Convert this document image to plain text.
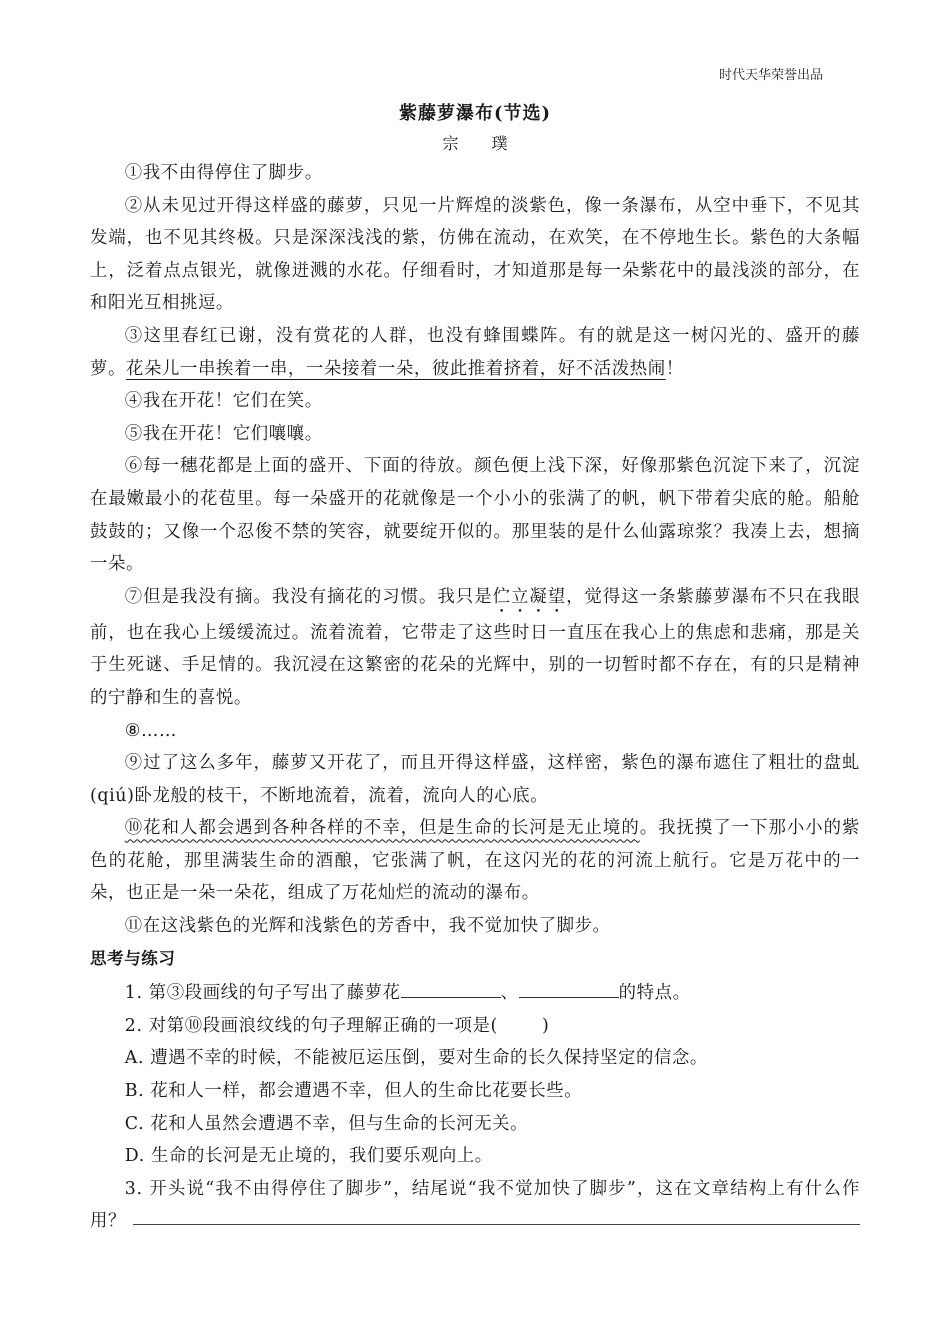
时代天华荣誉出品
紫藤萝瀑布(节选)
宗 璞

①我不由得停住了脚步。

②从未见过开得这样盛的藤萝，只见一片辉煌的淡紫色，像一条瀑布，从空中垂下，不见其发端，也不见其终极。只是深深浅浅的紫，仿佛在流动，在欢笑，在不停地生长。紫色的大条幅上，泛着点点银光，就像迸溅的水花。仔细看时，才知道那是每一朵紫花中的最浅淡的部分，在和阳光互相挑逗。

③这里春红已谢，没有赏花的人群，也没有蜂围蝶阵。有的就是这一树闪光的、盛开的藤萝。花朵儿一串挨着一串，一朵接着一朵，彼此推着挤着，好不活泼热闹！

④我在开花！它们在笑。

⑤我在开花！它们嚷嚷。

⑥每一穗花都是上面的盛开、下面的待放。颜色便上浅下深，好像那紫色沉淀下来了，沉淀在最嫩最小的花苞里。每一朵盛开的花就像是一个小小的张满了的帆，帆下带着尖底的舱。船舱鼓鼓的；又像一个忍俊不禁的笑容，就要绽开似的。那里装的是什么仙露琼浆？我凑上去，想摘一朵。

⑦但是我没有摘。我没有摘花的习惯。我只是伫立凝望，觉得这一条紫藤萝瀑布不只在我眼前，也在我心上缓缓流过。流着流着，它带走了这些时日一直压在我心上的焦虑和悲痛，那是关于生死谜、手足情的。我沉浸在这繁密的花朵的光辉中，别的一切暂时都不存在，有的只是精神的宁静和生的喜悦。

⑧……

⑨过了这么多年，藤萝又开花了，而且开得这样盛，这样密，紫色的瀑布遮住了粗壮的盘虬(qiú)卧龙般的枝干，不断地流着，流着，流向人的心底。

⑩花和人都会遇到各种各样的不幸，但是生命的长河是无止境的。我抚摸了一下那小小的紫色的花舱，那里满装生命的酒酿，它张满了帆，在这闪光的花的河流上航行。它是万花中的一朵，也正是一朵一朵花，组成了万花灿烂的流动的瀑布。

⑪在这浅紫色的光辉和浅紫色的芳香中，我不觉加快了脚步。

思考与练习

1. 第③段画线的句子写出了藤萝花	、	的特点。

2. 对第⑩段画浪纹线的句子理解正确的一项是(	)

A. 遭遇不幸的时候，不能被厄运压倒，要对生命的长久保持坚定的信念。

B. 花和人一样，都会遭遇不幸，但人的生命比花要长些。

C. 花和人虽然会遭遇不幸，但与生命的长河无关。

D. 生命的长河是无止境的，我们要乐观向上。

3. 开头说“我不由得停住了脚步”，结尾说“我不觉加快了脚步”，这在文章结构上有什么作用？
